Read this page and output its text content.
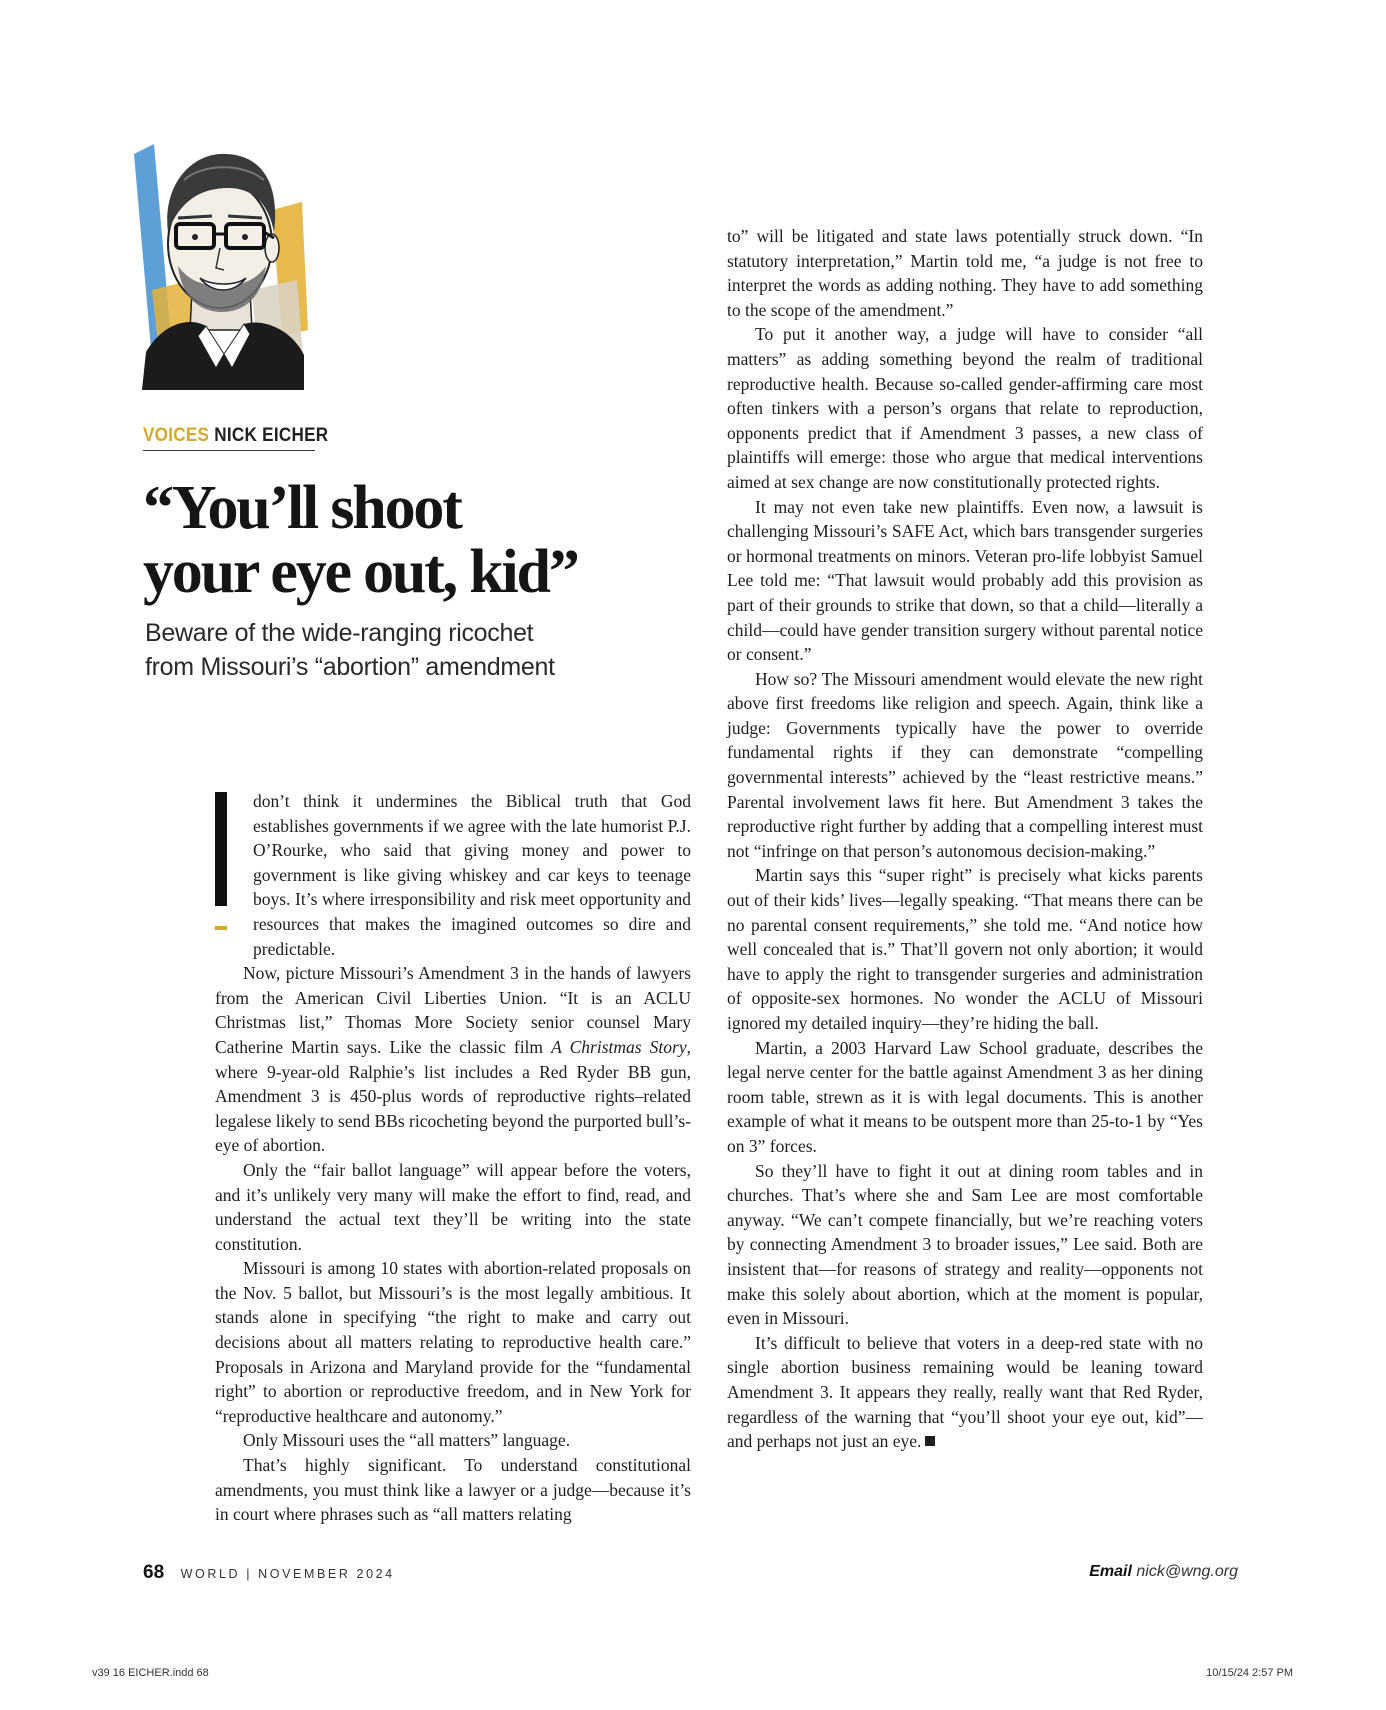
VOICES NICK EICHER
“You’ll shoot
your eye out, kid”
Beware of the wide-ranging ricochet
from Missouri’s “abortion” amendment

don’t think it undermines the Biblical truth that God establishes governments if we agree with the late humorist P.J. O’Rourke, who said that giving money and power to government is like giving whiskey and car keys to teenage boys. It’s where irresponsibility and risk meet opportunity and resources that makes the imagined outcomes so dire and predictable.

Now, picture Missouri’s Amendment 3 in the hands of lawyers from the American Civil Liberties Union. “It is an ACLU Christmas list,” Thomas More Society senior counsel Mary Catherine Martin says. Like the classic film A Christmas Story, where 9-year-old Ralphie’s list includes a Red Ryder BB gun, Amendment 3 is 450-plus words of reproductive rights–related legalese likely to send BBs ricocheting beyond the purported bull’s-eye of abortion.

Only the “fair ballot language” will appear before the voters, and it’s unlikely very many will make the effort to find, read, and understand the actual text they’ll be writing into the state constitution.

Missouri is among 10 states with abortion-related proposals on the Nov. 5 ballot, but Missouri’s is the most legally ambitious. It stands alone in specifying “the right to make and carry out decisions about all matters relating to reproductive health care.” Proposals in Arizona and Maryland provide for the “fundamental right” to abortion or reproductive freedom, and in New York for “reproductive healthcare and autonomy.”

Only Missouri uses the “all matters” language.

That’s highly significant. To understand constitutional amendments, you must think like a lawyer or a judge—because it’s in court where phrases such as “all matters relating

to” will be litigated and state laws potentially struck down. “In statutory interpretation,” Martin told me, “a judge is not free to interpret the words as adding nothing. They have to add something to the scope of the amendment.”

To put it another way, a judge will have to consider “all matters” as adding something beyond the realm of traditional reproductive health. Because so-called gender-affirming care most often tinkers with a person’s organs that relate to reproduction, opponents predict that if Amendment 3 passes, a new class of plaintiffs will emerge: those who argue that medical interventions aimed at sex change are now constitutionally protected rights.

It may not even take new plaintiffs. Even now, a lawsuit is challenging Missouri’s SAFE Act, which bars transgender surgeries or hormonal treatments on minors. Veteran pro-life lobbyist Samuel Lee told me: “That lawsuit would probably add this provision as part of their grounds to strike that down, so that a child—literally a child—could have gender transition surgery without parental notice or consent.”

How so? The Missouri amendment would elevate the new right above first freedoms like religion and speech. Again, think like a judge: Governments typically have the power to override fundamental rights if they can demonstrate “compelling governmental interests” achieved by the “least restrictive means.” Parental involvement laws fit here. But Amendment 3 takes the reproductive right further by adding that a compelling interest must not “infringe on that person’s autonomous decision-making.”

Martin says this “super right” is precisely what kicks parents out of their kids’ lives—legally speaking. “That means there can be no parental consent requirements,” she told me. “And notice how well concealed that is.” That’ll govern not only abortion; it would have to apply the right to transgender surgeries and administration of opposite-sex hormones. No wonder the ACLU of Missouri ignored my detailed inquiry—they’re hiding the ball.

Martin, a 2003 Harvard Law School graduate, describes the legal nerve center for the battle against Amendment 3 as her dining room table, strewn as it is with legal documents. This is another example of what it means to be outspent more than 25-to-1 by “Yes on 3” forces.

So they’ll have to fight it out at dining room tables and in churches. That’s where she and Sam Lee are most comfortable anyway. “We can’t compete financially, but we’re reaching voters by connecting Amendment 3 to broader issues,” Lee said. Both are insistent that—for reasons of strategy and reality—opponents not make this solely about abortion, which at the moment is popular, even in Missouri.

It’s difficult to believe that voters in a deep-red state with no single abortion business remaining would be leaning toward Amendment 3. It appears they really, really want that Red Ryder, regardless of the warning that “you’ll shoot your eye out, kid”—and perhaps not just an eye.

68 WORLD | NOVEMBER 2024	Email nick@wng.org
v39 16 EICHER.indd 68	10/15/24 2:57 PM
